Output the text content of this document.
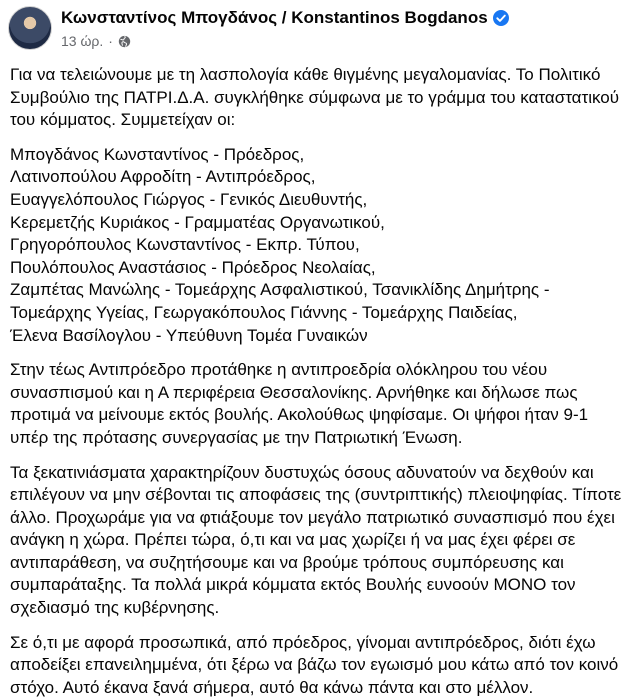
Κωνσταντίνος Μπογδάνος / Konstantinos Bogdanos
13 ώρ. ·
Για να τελειώνουμε με τη λασπολογία κάθε θιγμένης μεγαλομανίας. Το Πολιτικό
Συμβούλιο της ΠΑΤΡΙ.Δ.Α. συγκλήθηκε σύμφωνα με το γράμμα του καταστατικού
του κόμματος. Συμμετείχαν οι:
Μπογδάνος Κωνσταντίνος - Πρόεδρος,
Λατινοπούλου Αφροδίτη - Αντιπρόεδρος,
Ευαγγελόπουλος Γιώργος - Γενικός Διευθυντής,
Κερεμετζής Κυριάκος - Γραμματέας Οργανωτικού,
Γρηγορόπουλος Κωνσταντίνος - Εκπρ. Τύπου,
Πουλόπουλος Αναστάσιος - Πρόεδρος Νεολαίας,
Ζαμπέτας Μανώλης - Τομεάρχης Ασφαλιστικού, Τσανικλίδης Δημήτρης -
Τομεάρχης Υγείας, Γεωργακόπουλος Γιάννης - Τομεάρχης Παιδείας,
Έλενα Βασίλογλου - Υπεύθυνη Τομέα Γυναικών
Στην τέως Αντιπρόεδρο προτάθηκε η αντιπροεδρία ολόκληρου του νέου
συνασπισμού και η Α περιφέρεια Θεσσαλονίκης. Αρνήθηκε και δήλωσε πως
προτιμά να μείνουμε εκτός βουλής. Ακολούθως ψηφίσαμε. Οι ψήφοι ήταν 9-1
υπέρ της πρότασης συνεργασίας με την Πατριωτική Ένωση.
Τα ξεκατινιάσματα χαρακτηρίζουν δυστυχώς όσους αδυνατούν να δεχθούν και
επιλέγουν να μην σέβονται τις αποφάσεις της (συντριπτικής) πλειοψηφίας. Τίποτε
άλλο. Προχωράμε για να φτιάξουμε τον μεγάλο πατριωτικό συνασπισμό που έχει
ανάγκη η χώρα. Πρέπει τώρα, ό,τι και να μας χωρίζει ή να μας έχει φέρει σε
αντιπαράθεση, να συζητήσουμε και να βρούμε τρόπους συμπόρευσης και
συμπαράταξης. Τα πολλά μικρά κόμματα εκτός Βουλής ευνοούν ΜΟΝΟ τον
σχεδιασμό της κυβέρνησης.
Σε ό,τι με αφορά προσωπικά, από πρόεδρος, γίνομαι αντιπρόεδρος, διότι έχω
αποδείξει επανειλημμένα, ότι ξέρω να βάζω τον εγωισμό μου κάτω από τον κοινό
στόχο. Αυτό έκανα ξανά σήμερα, αυτό θα κάνω πάντα και στο μέλλον.
